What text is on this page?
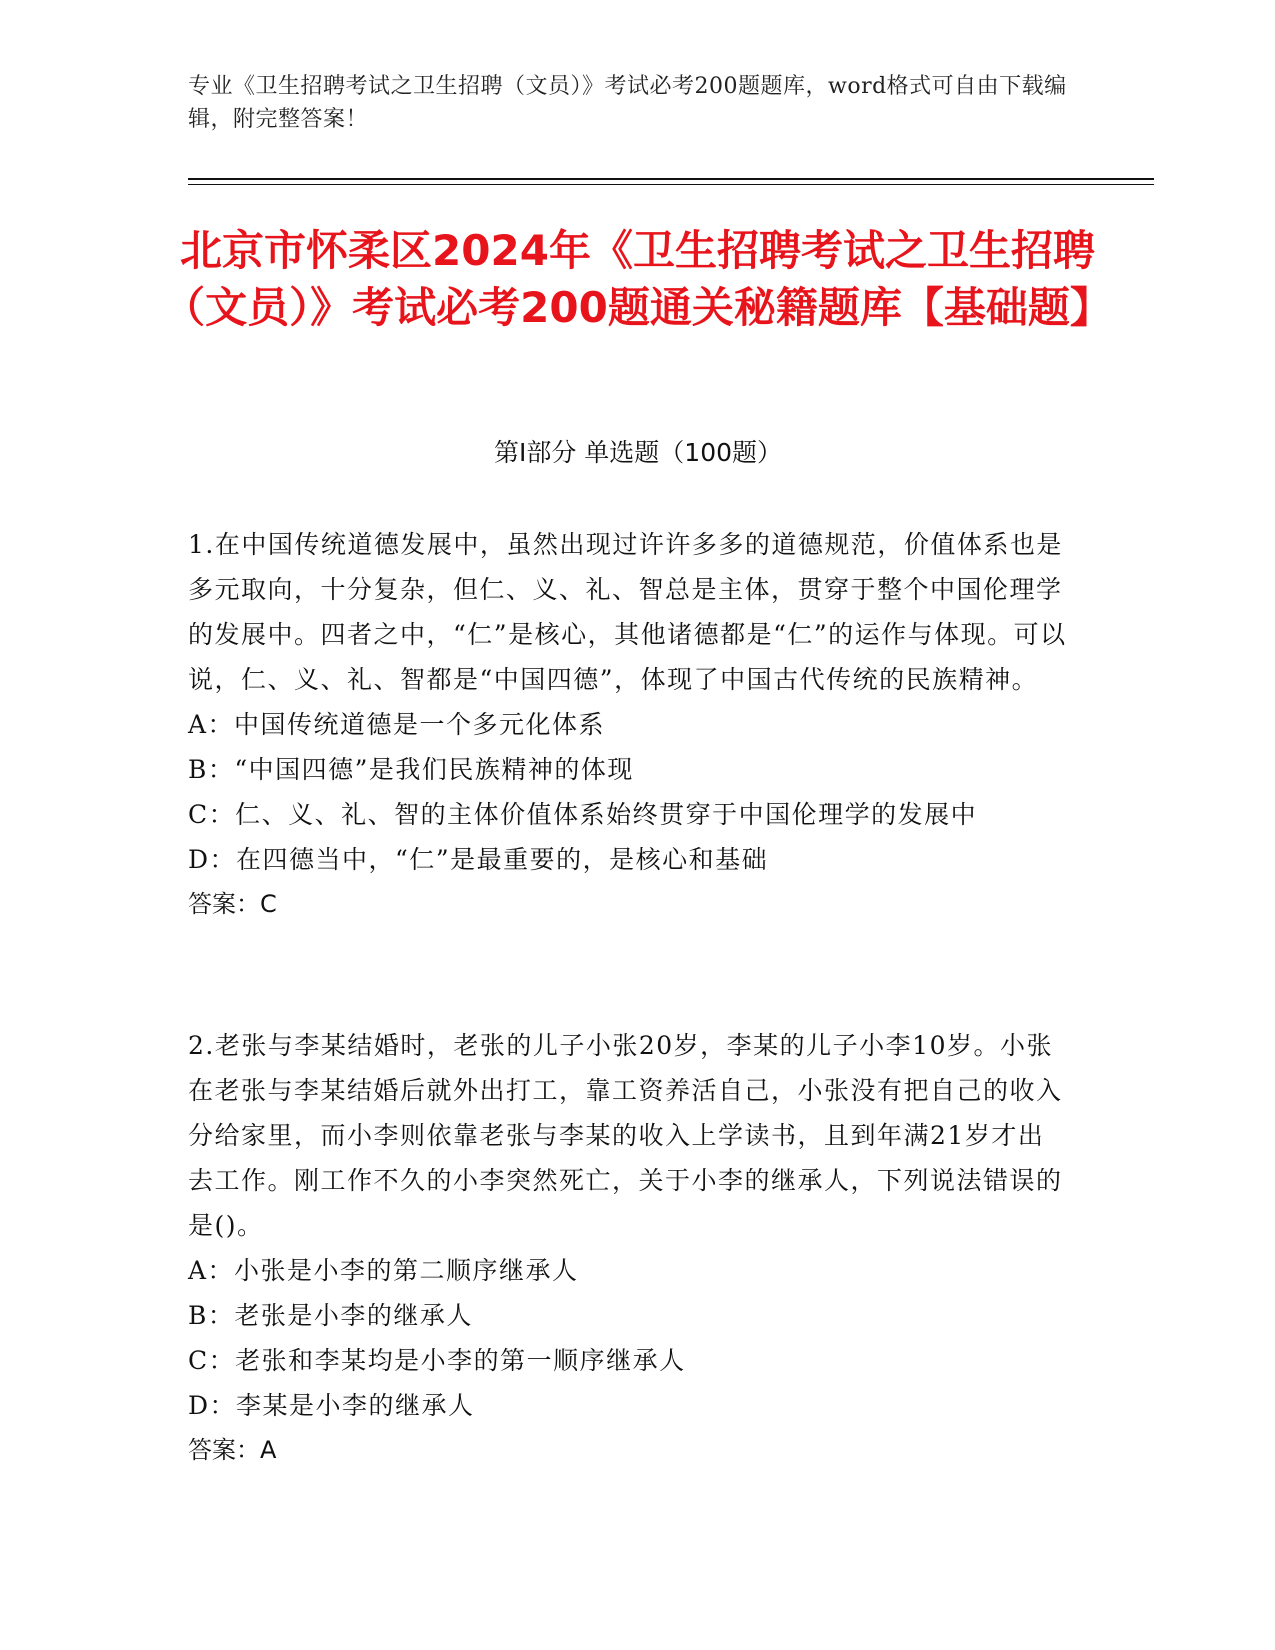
专业《卫生招聘考试之卫生招聘（文员）》考试必考200题题库，word格式可自由下载编辑，附完整答案！
北京市怀柔区2024年《卫生招聘考试之卫生招聘（文员）》考试必考200题通关秘籍题库【基础题】
第I部分 单选题（100题）
1.在中国传统道德发展中，虽然出现过许许多多的道德规范，价值体系也是多元取向，十分复杂，但仁、义、礼、智总是主体，贯穿于整个中国伦理学的发展中。四者之中，“仁”是核心，其他诸德都是“仁”的运作与体现。可以说，仁、义、礼、智都是“中国四德”，体现了中国古代传统的民族精神。
A：中国传统道德是一个多元化体系
B：“中国四德”是我们民族精神的体现
C：仁、义、礼、智的主体价值体系始终贯穿于中国伦理学的发展中
D：在四德当中，“仁”是最重要的，是核心和基础
答案：C
2.老张与李某结婚时，老张的儿子小张20岁，李某的儿子小李10岁。小张在老张与李某结婚后就外出打工，靠工资养活自己，小张没有把自己的收入分给家里，而小李则依靠老张与李某的收入上学读书，且到年满21岁才出去工作。刚工作不久的小李突然死亡，关于小李的继承人，下列说法错误的是()。
A：小张是小李的第二顺序继承人
B：老张是小李的继承人
C：老张和李某均是小李的第一顺序继承人
D：李某是小李的继承人
答案：A
